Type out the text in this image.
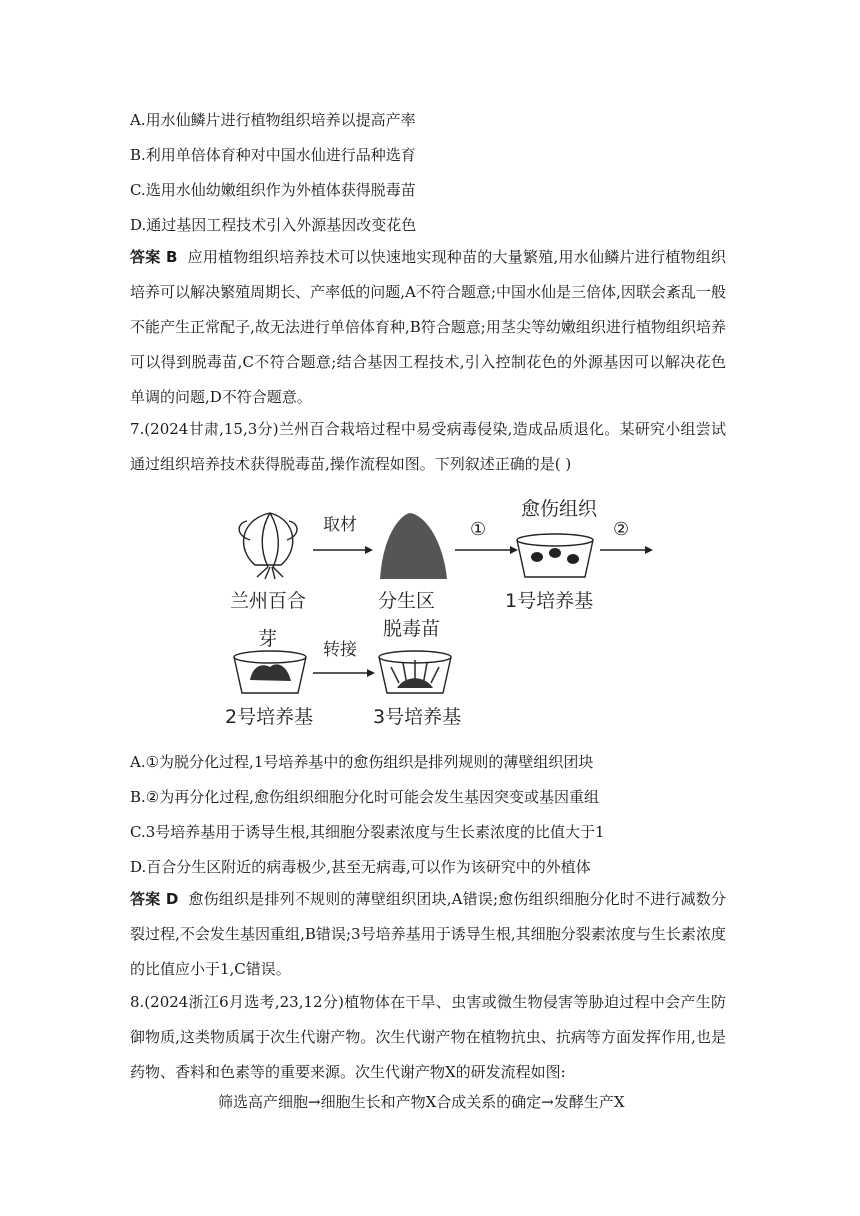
A.用水仙鳞片进行植物组织培养以提高产率
B.利用单倍体育种对中国水仙进行品种选育
C.选用水仙幼嫩组织作为外植体获得脱毒苗
D.通过基因工程技术引入外源基因改变花色
答案 B 应用植物组织培养技术可以快速地实现种苗的大量繁殖,用水仙鳞片进行植物组织培养可以解决繁殖周期长、产率低的问题,A不符合题意;中国水仙是三倍体,因联会紊乱一般不能产生正常配子,故无法进行单倍体育种,B符合题意;用茎尖等幼嫩组织进行植物组织培养可以得到脱毒苗,C不符合题意;结合基因工程技术,引入控制花色的外源基因可以解决花色单调的问题,D不符合题意。
7.(2024甘肃,15,3分)兰州百合栽培过程中易受病毒侵染,造成品质退化。某研究小组尝试通过组织培养技术获得脱毒苗,操作流程如图。下列叙述正确的是( )
兰州百合
取材
分生区
①
愈伤组织
1号培养基
②
芽
2号培养基
转接
脱毒苗
3号培养基
A.①为脱分化过程,1号培养基中的愈伤组织是排列规则的薄壁组织团块
B.②为再分化过程,愈伤组织细胞分化时可能会发生基因突变或基因重组
C.3号培养基用于诱导生根,其细胞分裂素浓度与生长素浓度的比值大于1
D.百合分生区附近的病毒极少,甚至无病毒,可以作为该研究中的外植体
答案 D 愈伤组织是排列不规则的薄壁组织团块,A错误;愈伤组织细胞分化时不进行减数分裂过程,不会发生基因重组,B错误;3号培养基用于诱导生根,其细胞分裂素浓度与生长素浓度的比值应小于1,C错误。
8.(2024浙江6月选考,23,12分)植物体在干旱、虫害或微生物侵害等胁迫过程中会产生防御物质,这类物质属于次生代谢产物。次生代谢产物在植物抗虫、抗病等方面发挥作用,也是药物、香料和色素等的重要来源。次生代谢产物X的研发流程如图:
筛选高产细胞→细胞生长和产物X合成关系的确定→发酵生产X
